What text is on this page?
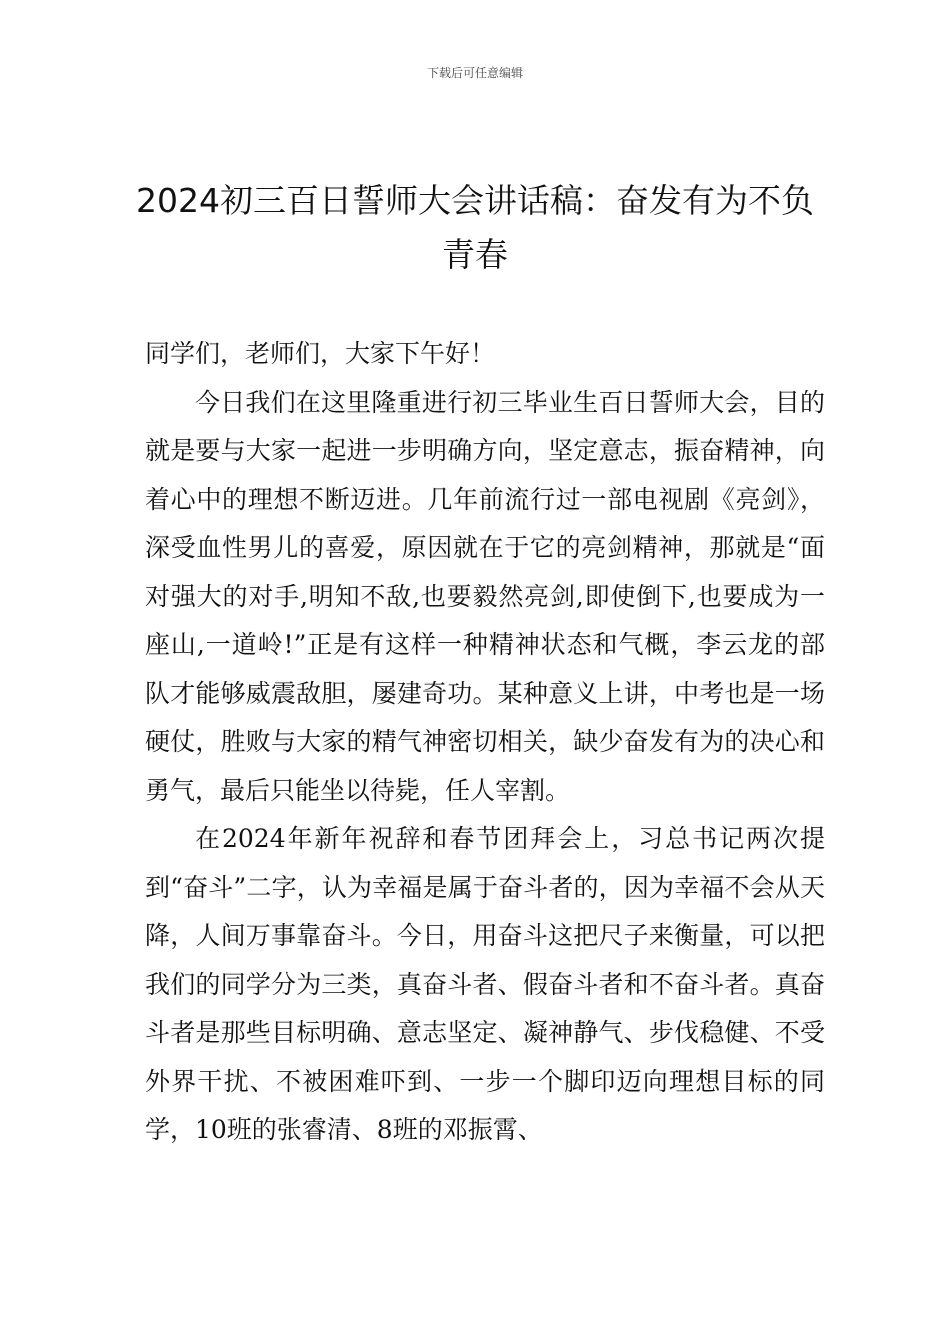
下载后可任意编辑
2024初三百日誓师大会讲话稿：奋发有为不负青春

同学们，老师们，大家下午好！

今日我们在这里隆重进行初三毕业生百日誓师大会，目的就是要与大家一起进一步明确方向，坚定意志，振奋精神，向着心中的理想不断迈进。几年前流行过一部电视剧《亮剑》，深受血性男儿的喜爱，原因就在于它的亮剑精神，那就是“面对强大的对手,明知不敌,也要毅然亮剑,即使倒下,也要成为一座山,一道岭!”正是有这样一种精神状态和气概，李云龙的部队才能够威震敌胆，屡建奇功。某种意义上讲，中考也是一场硬仗，胜败与大家的精气神密切相关，缺少奋发有为的决心和勇气，最后只能坐以待毙，任人宰割。

在2024年新年祝辞和春节团拜会上，习总书记两次提到“奋斗”二字，认为幸福是属于奋斗者的，因为幸福不会从天降，人间万事靠奋斗。今日，用奋斗这把尺子来衡量，可以把我们的同学分为三类，真奋斗者、假奋斗者和不奋斗者。真奋斗者是那些目标明确、意志坚定、凝神静气、步伐稳健、不受外界干扰、不被困难吓到、一步一个脚印迈向理想目标的同学，10班的张睿清、8班的邓振霄、
